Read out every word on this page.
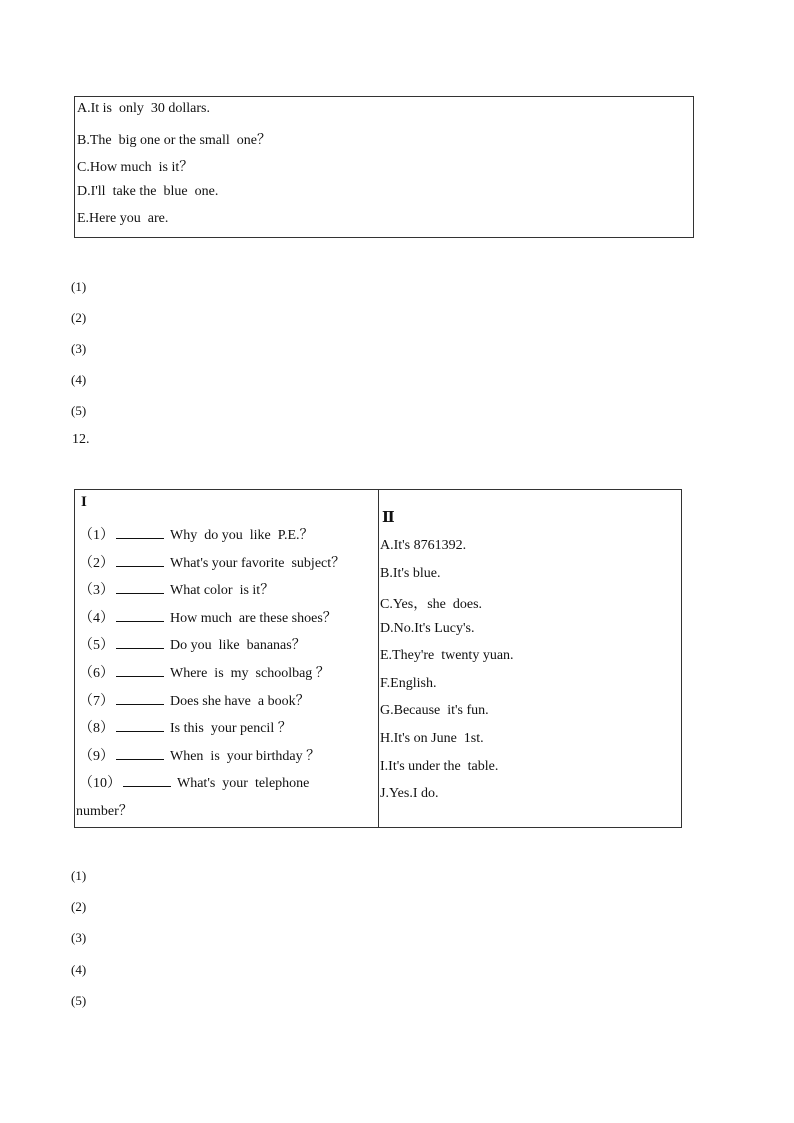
A.It is  only  30 dollars.
B.The  big one or the small  one？
C.How much  is it？
D.I'll  take the  blue  one.
E.Here you  are.
(1)
(2)
(3)
(4)
(5)
12.
I
Ⅱ
（1）	Why  do you  like  P.E.？
（2）	What's your favorite  subject？
（3）	What color  is it？
（4）	How much  are these shoes？
（5）	Do you  like  bananas？
（6）	Where  is  my  schoolbag ？
（7）	Does she have  a book？
（8）	Is this  your pencil ？
（9）	When  is  your birthday ？
（10）	What's  your  telephone
number？
A.It's 8761392.
B.It's blue.
C.Yes，she  does.
D.No.It's Lucy's.
E.They're  twenty yuan.
F.English.
G.Because  it's fun.
H.It's on June  1st.
I.It's under the  table.
J.Yes.I do.
(1)
(2)
(3)
(4)
(5)
